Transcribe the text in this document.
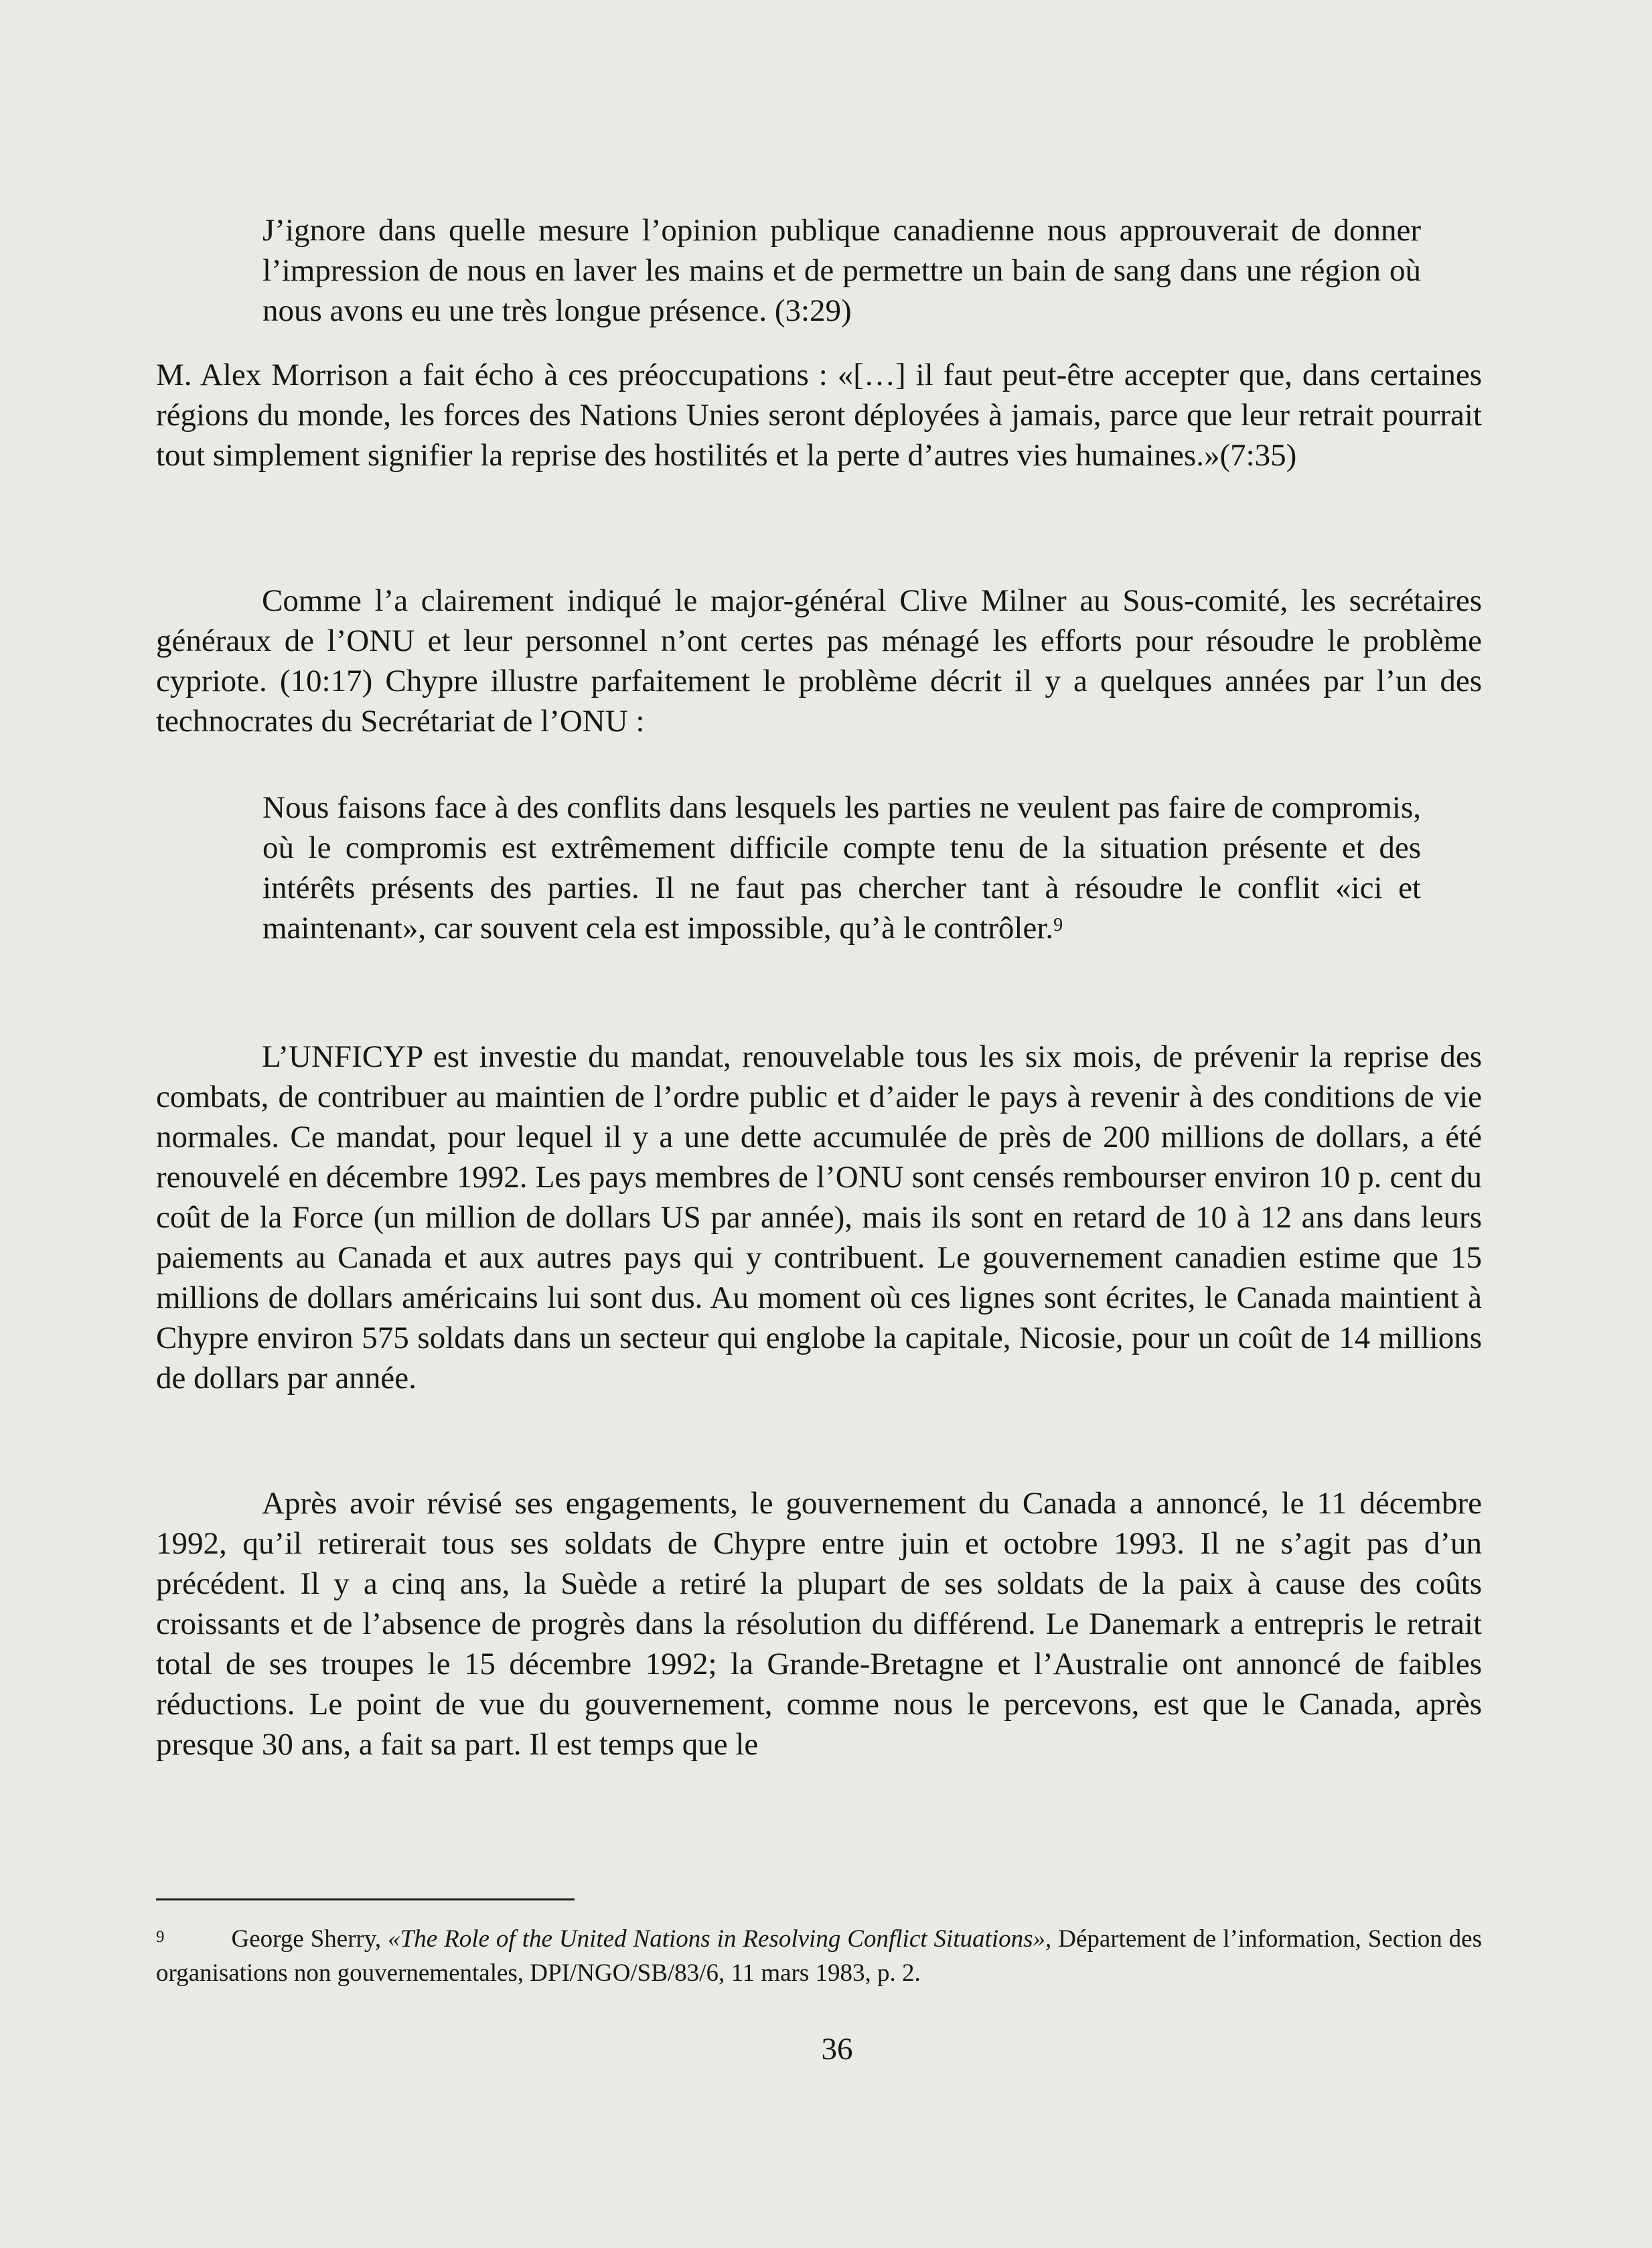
J’ignore dans quelle mesure l’opinion publique canadienne nous approuverait de donner l’impression de nous en laver les mains et de permettre un bain de sang dans une région où nous avons eu une très longue présence. (3:29)

M. Alex Morrison a fait écho à ces préoccupations : «[…] il faut peut-être accepter que, dans certaines régions du monde, les forces des Nations Unies seront déployées à jamais, parce que leur retrait pourrait tout simplement signifier la reprise des hostilités et la perte d’autres vies humaines.»(7:35)

Comme l’a clairement indiqué le major-général Clive Milner au Sous-comité, les secrétaires généraux de l’ONU et leur personnel n’ont certes pas ménagé les efforts pour résoudre le problème cypriote. (10:17) Chypre illustre parfaitement le problème décrit il y a quelques années par l’un des technocrates du Secrétariat de l’ONU :

Nous faisons face à des conflits dans lesquels les parties ne veulent pas faire de compromis, où le compromis est extrêmement difficile compte tenu de la situation présente et des intérêts présents des parties. Il ne faut pas chercher tant à résoudre le conflit «ici et maintenant», car souvent cela est impossible, qu’à le contrôler.$^9$

L’UNFICYP est investie du mandat, renouvelable tous les six mois, de prévenir la reprise des combats, de contribuer au maintien de l’ordre public et d’aider le pays à revenir à des conditions de vie normales. Ce mandat, pour lequel il y a une dette accumulée de près de 200 millions de dollars, a été renouvelé en décembre 1992. Les pays membres de l’ONU sont censés rembourser environ 10 p. cent du coût de la Force (un million de dollars US par année), mais ils sont en retard de 10 à 12 ans dans leurs paiements au Canada et aux autres pays qui y contribuent. Le gouvernement canadien estime que 15 millions de dollars américains lui sont dus. Au moment où ces lignes sont écrites, le Canada maintient à Chypre environ 575 soldats dans un secteur qui englobe la capitale, Nicosie, pour un coût de 14 millions de dollars par année.

Après avoir révisé ses engagements, le gouvernement du Canada a annoncé, le 11 décembre 1992, qu’il retirerait tous ses soldats de Chypre entre juin et octobre 1993. Il ne s’agit pas d’un précédent. Il y a cinq ans, la Suède a retiré la plupart de ses soldats de la paix à cause des coûts croissants et de l’absence de progrès dans la résolution du différend. Le Danemark a entrepris le retrait total de ses troupes le 15 décembre 1992; la Grande-Bretagne et l’Australie ont annoncé de faibles réductions. Le point de vue du gouvernement, comme nous le percevons, est que le Canada, après presque 30 ans, a fait sa part. Il est temps que le

$^9$	George Sherry, «The Role of the United Nations in Resolving Conflict Situations», Département de l’information, Section des organisations non gouvernementales, DPI/NGO/SB/83/6, 11 mars 1983, p. 2.

36
